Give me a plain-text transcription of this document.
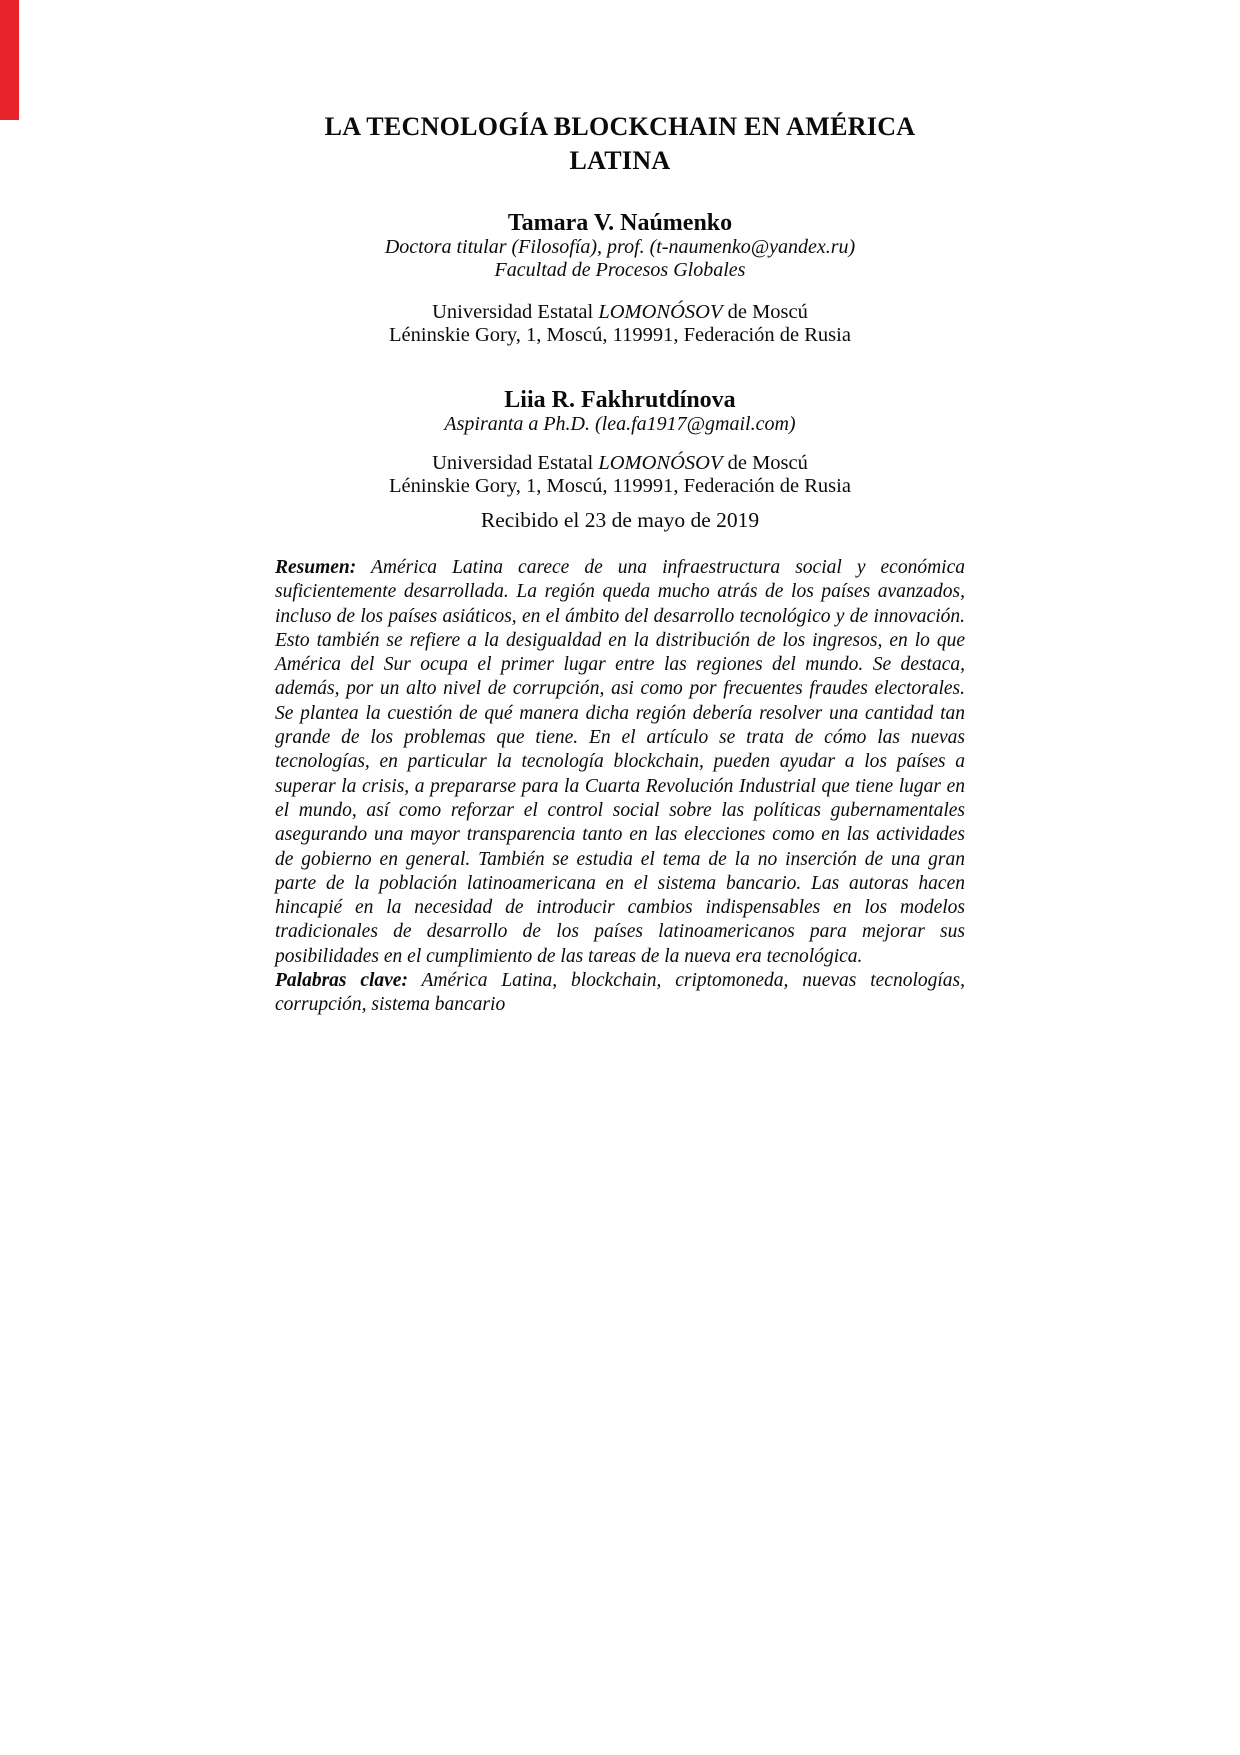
LA TECNOLOGÍA BLOCKCHAIN EN AMÉRICA
LATINA
Tamara V. Naúmenko
Doctora titular (Filosofía), prof. (t-naumenko@yandex.ru)
Facultad de Procesos Globales
Universidad Estatal LOMONÓSOV de Moscú
Léninskie Gory, 1, Moscú, 119991, Federación de Rusia
Liia R. Fakhrutdínova
Aspiranta a Ph.D. (lea.fa1917@gmail.com)
Universidad Estatal LOMONÓSOV de Moscú
Léninskie Gory, 1, Moscú, 119991, Federación de Rusia
Recibido el 23 de mayo de 2019

Resumen: América Latina carece de una infraestructura social y económica suficientemente desarrollada. La región queda mucho atrás de los países avanzados, incluso de los países asiáticos, en el ámbito del desarrollo tecnológico y de innovación. Esto también se refiere a la desigualdad en la distribución de los ingresos, en lo que América del Sur ocupa el primer lugar entre las regiones del mundo. Se destaca, además, por un alto nivel de corrupción, asi como por frecuentes fraudes electorales. Se plantea la cuestión de qué manera dicha región debería resolver una cantidad tan grande de los problemas que tiene. En el artículo se trata de cómo las nuevas tecnologías, en particular la tecnología blockchain, pueden ayudar a los países a superar la crisis, a prepararse para la Cuarta Revolución Industrial que tiene lugar en el mundo, así como reforzar el control social sobre las políticas gubernamentales asegurando una mayor transparencia tanto en las elecciones como en las actividades de gobierno en general. También se estudia el tema de la no inserción de una gran parte de la población latinoamericana en el sistema bancario. Las autoras hacen hincapié en la necesidad de introducir cambios indispensables en los modelos tradicionales de desarrollo de los países latinoamericanos para mejorar sus posibilidades en el cumplimiento de las tareas de la nueva era tecnológica.

Palabras clave: América Latina, blockchain, criptomoneda, nuevas tecnologías, corrupción, sistema bancario
